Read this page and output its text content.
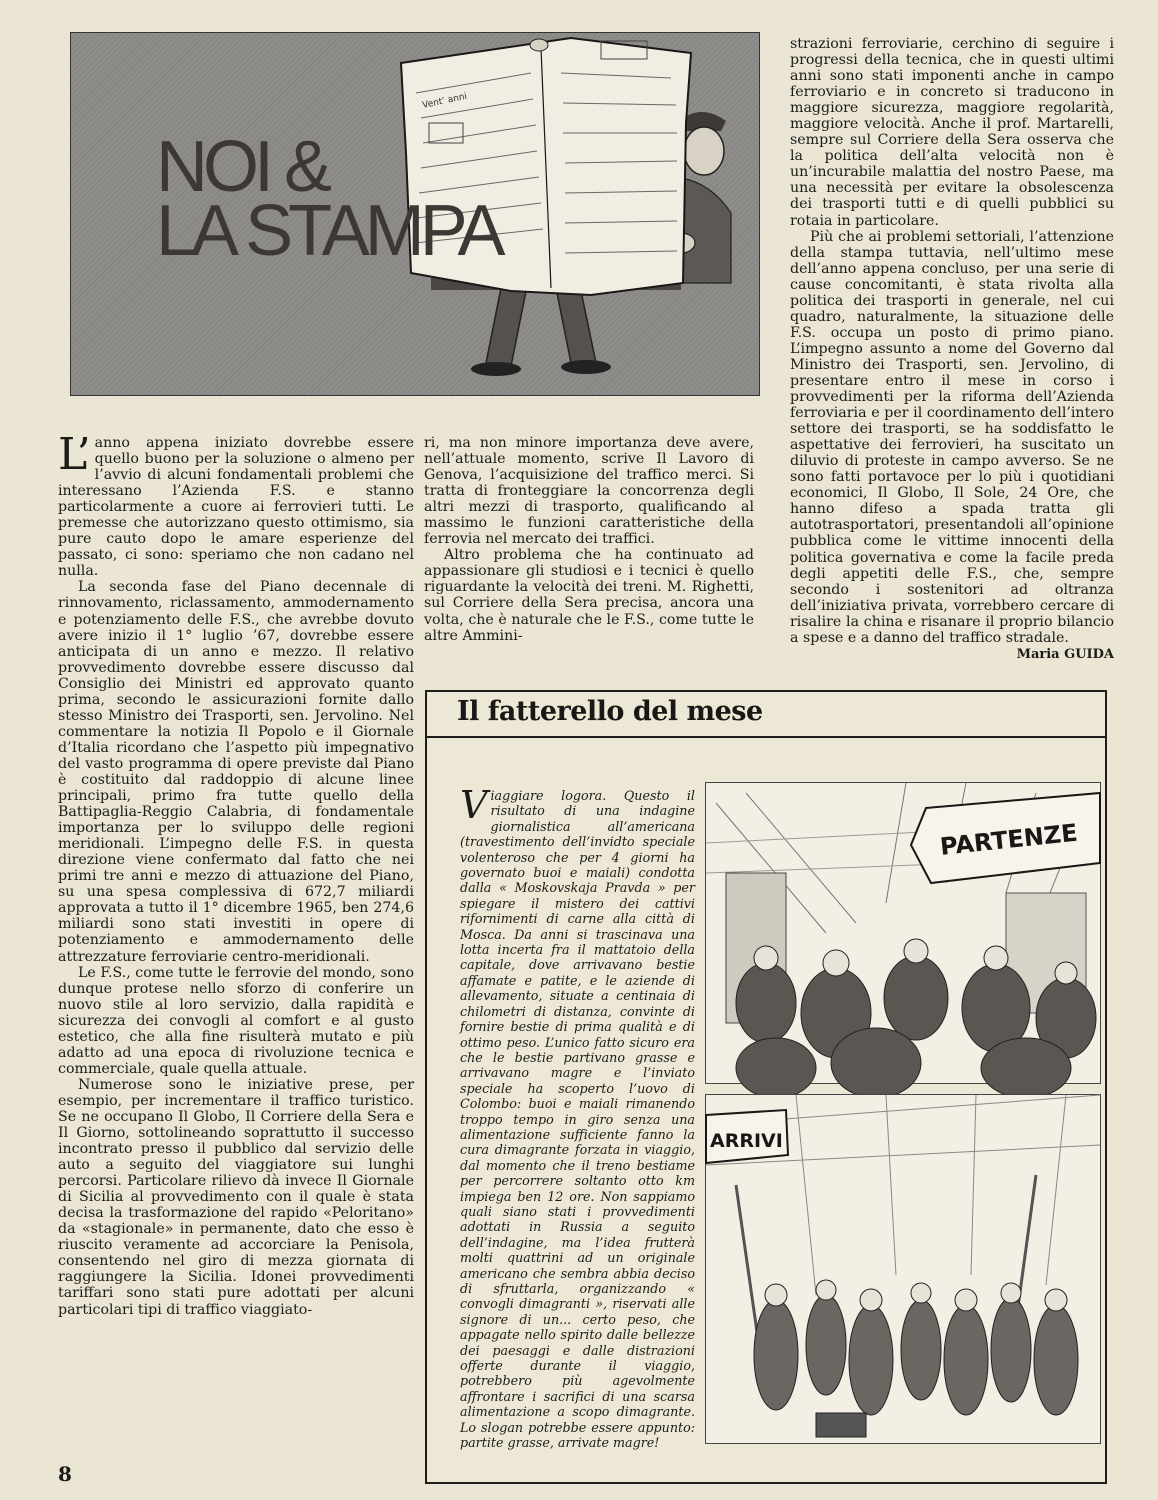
Vent’ anni
NOI &
LA STAMPA

L’anno appena iniziato dovrebbe essere quello buono per la soluzione o almeno per l’avvio di alcuni fondamentali problemi che interessano l’Azienda F.S. e stanno particolarmente a cuore ai ferrovieri tutti. Le premesse che autorizzano questo ottimismo, sia pure cauto dopo le amare esperienze del passato, ci sono: speriamo che non cadano nel nulla.

La seconda fase del Piano decennale di rinnovamento, riclassamento, ammodernamento e potenziamento delle F.S., che avrebbe dovuto avere inizio il 1° luglio ’67, dovrebbe essere anticipata di un anno e mezzo. Il relativo provvedimento dovrebbe essere discusso dal Consiglio dei Ministri ed approvato quanto prima, secondo le assicurazioni fornite dallo stesso Ministro dei Trasporti, sen. Jervolino. Nel commentare la notizia Il Popolo e il Giornale d’Italia ricordano che l’aspetto più impegnativo del vasto programma di opere previste dal Piano è costituito dal raddoppio di alcune linee principali, primo fra tutte quello della Battipaglia-Reggio Calabria, di fondamentale importanza per lo sviluppo delle regioni meridionali. L’impegno delle F.S. in questa direzione viene confermato dal fatto che nei primi tre anni e mezzo di attuazione del Piano, su una spesa complessiva di 672,7 miliardi approvata a tutto il 1° dicembre 1965, ben 274,6 miliardi sono stati investiti in opere di potenziamento e ammodernamento delle attrezzature ferroviarie centro-meridionali.

Le F.S., come tutte le ferrovie del mondo, sono dunque protese nello sforzo di conferire un nuovo stile al loro servizio, dalla rapidità e sicurezza dei convogli al comfort e al gusto estetico, che alla fine risulterà mutato e più adatto ad una epoca di rivoluzione tecnica e commerciale, quale quella attuale.

Numerose sono le iniziative prese, per esempio, per incrementare il traffico turistico. Se ne occupano Il Globo, Il Corriere della Sera e Il Giorno, sottolineando soprattutto il successo incontrato presso il pubblico dal servizio delle auto a seguito del viaggiatore sui lunghi percorsi. Particolare rilievo dà invece Il Giornale di Sicilia al provvedimento con il quale è stata decisa la trasformazione del rapido «Peloritano» da «stagionale» in permanente, dato che esso è riuscito veramente ad accorciare la Penisola, consentendo nel giro di mezza giornata di raggiungere la Sicilia. Idonei provvedimenti tariffari sono stati pure adottati per alcuni particolari tipi di traffico viaggiato-

ri, ma non minore importanza deve avere, nell’attuale momento, scrive Il Lavoro di Genova, l’acquisizione del traffico merci. Si tratta di fronteggiare la concorrenza degli altri mezzi di trasporto, qualificando al massimo le funzioni caratteristiche della ferrovia nel mercato dei traffici.

Altro problema che ha continuato ad appassionare gli studiosi e i tecnici è quello riguardante la velocità dei treni. M. Righetti, sul Corriere della Sera precisa, ancora una volta, che è naturale che le F.S., come tutte le altre Ammini-

strazioni ferroviarie, cerchino di seguire i progressi della tecnica, che in questi ultimi anni sono stati imponenti anche in campo ferroviario e in concreto si traducono in maggiore sicurezza, maggiore regolarità, maggiore velocità. Anche il prof. Martarelli, sempre sul Corriere della Sera osserva che la politica dell’alta velocità non è un’incurabile malattia del nostro Paese, ma una necessità per evitare la obsolescenza dei trasporti tutti e di quelli pubblici su rotaia in particolare.

Più che ai problemi settoriali, l’attenzione della stampa tuttavia, nell’ultimo mese dell’anno appena concluso, per una serie di cause concomitanti, è stata rivolta alla politica dei trasporti in generale, nel cui quadro, naturalmente, la situazione delle F.S. occupa un posto di primo piano. L’impegno assunto a nome del Governo dal Ministro dei Trasporti, sen. Jervolino, di presentare entro il mese in corso i provvedimenti per la riforma dell’Azienda ferroviaria e per il coordinamento dell’intero settore dei trasporti, se ha soddisfatto le aspettative dei ferrovieri, ha suscitato un diluvio di proteste in campo avverso. Se ne sono fatti portavoce per lo più i quotidiani economici, Il Globo, Il Sole, 24 Ore, che hanno difeso a spada tratta gli autotrasportatori, presentandoli all’opinione pubblica come le vittime innocenti della politica governativa e come la facile preda degli appetiti delle F.S., che, sempre secondo i sostenitori ad oltranza dell’iniziativa privata, vorrebbero cercare di risalire la china e risanare il proprio bilancio a spese e a danno del traffico stradale.

Maria GUIDA
Il fatterello del mese

Viaggiare logora. Questo il risultato di una indagine giornalistica all’americana (travestimento dell’invidto speciale volenteroso che per 4 giorni ha governato buoi e maiali) condotta dalla « Moskovskaja Pravda » per spiegare il mistero dei cattivi rifornimenti di carne alla città di Mosca. Da anni si trascinava una lotta incerta fra il mattatoio della capitale, dove arrivavano bestie affamate e patite, e le aziende di allevamento, situate a centinaia di chilometri di distanza, convinte di fornire bestie di prima qualità e di ottimo peso. L’unico fatto sicuro era che le bestie partivano grasse e arrivavano magre e l’inviato speciale ha scoperto l’uovo di Colombo: buoi e maiali rimanendo troppo tempo in giro senza una alimentazione sufficiente fanno la cura dimagrante forzata in viaggio, dal momento che il treno bestiame per percorrere soltanto otto km impiega ben 12 ore. Non sappiamo quali siano stati i provvedimenti adottati in Russia a seguito dell’indagine, ma l’idea frutterà molti quattrini ad un originale americano che sembra abbia deciso di sfruttarla, organizzando « convogli dimagranti », riservati alle signore di un... certo peso, che appagate nello spirito dalle bellezze dei paesaggi e dalle distrazioni offerte durante il viaggio, potrebbero più agevolmente affrontare i sacrifici di una scarsa alimentazione a scopo dimagrante. Lo slogan potrebbe essere appunto: partite grasse, arrivate magre!

PARTENZE
ARRIVI
8
